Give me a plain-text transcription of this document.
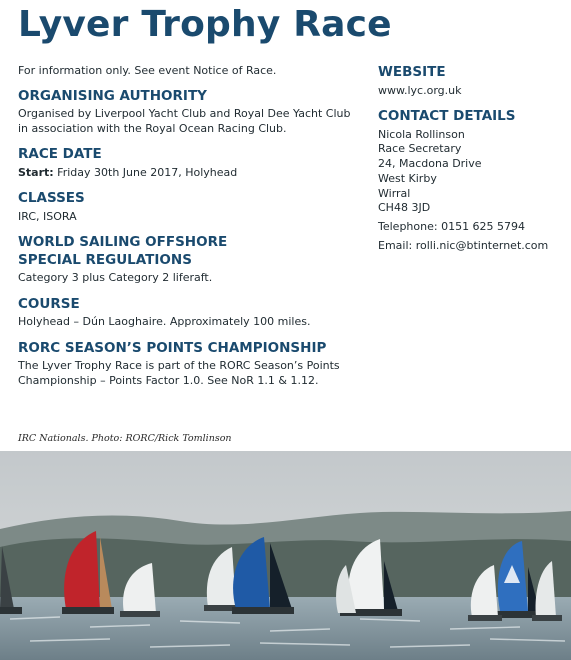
Lyver Trophy Race
For information only. See event Notice of Race.
ORGANISING AUTHORITY
Organised by Liverpool Yacht Club and Royal Dee Yacht Club in association with the Royal Ocean Racing Club.
RACE DATE
Start: Friday 30th June 2017, Holyhead
CLASSES
IRC, ISORA
WORLD SAILING OFFSHORE
SPECIAL REGULATIONS
Category 3 plus Category 2 liferaft.
COURSE
Holyhead – Dún Laoghaire. Approximately 100 miles.
RORC SEASON’S POINTS CHAMPIONSHIP
The Lyver Trophy Race is part of the RORC Season’s Points Championship – Points Factor 1.0. See NoR 1.1 & 1.12.
WEBSITE
www.lyc.org.uk
CONTACT DETAILS
Nicola Rollinson
Race Secretary
24, Macdona Drive
West Kirby
Wirral
CH48 3JD
Telephone: 0151 625 5794
Email: rolli.nic@btinternet.com
IRC Nationals. Photo: RORC/Rick Tomlinson
